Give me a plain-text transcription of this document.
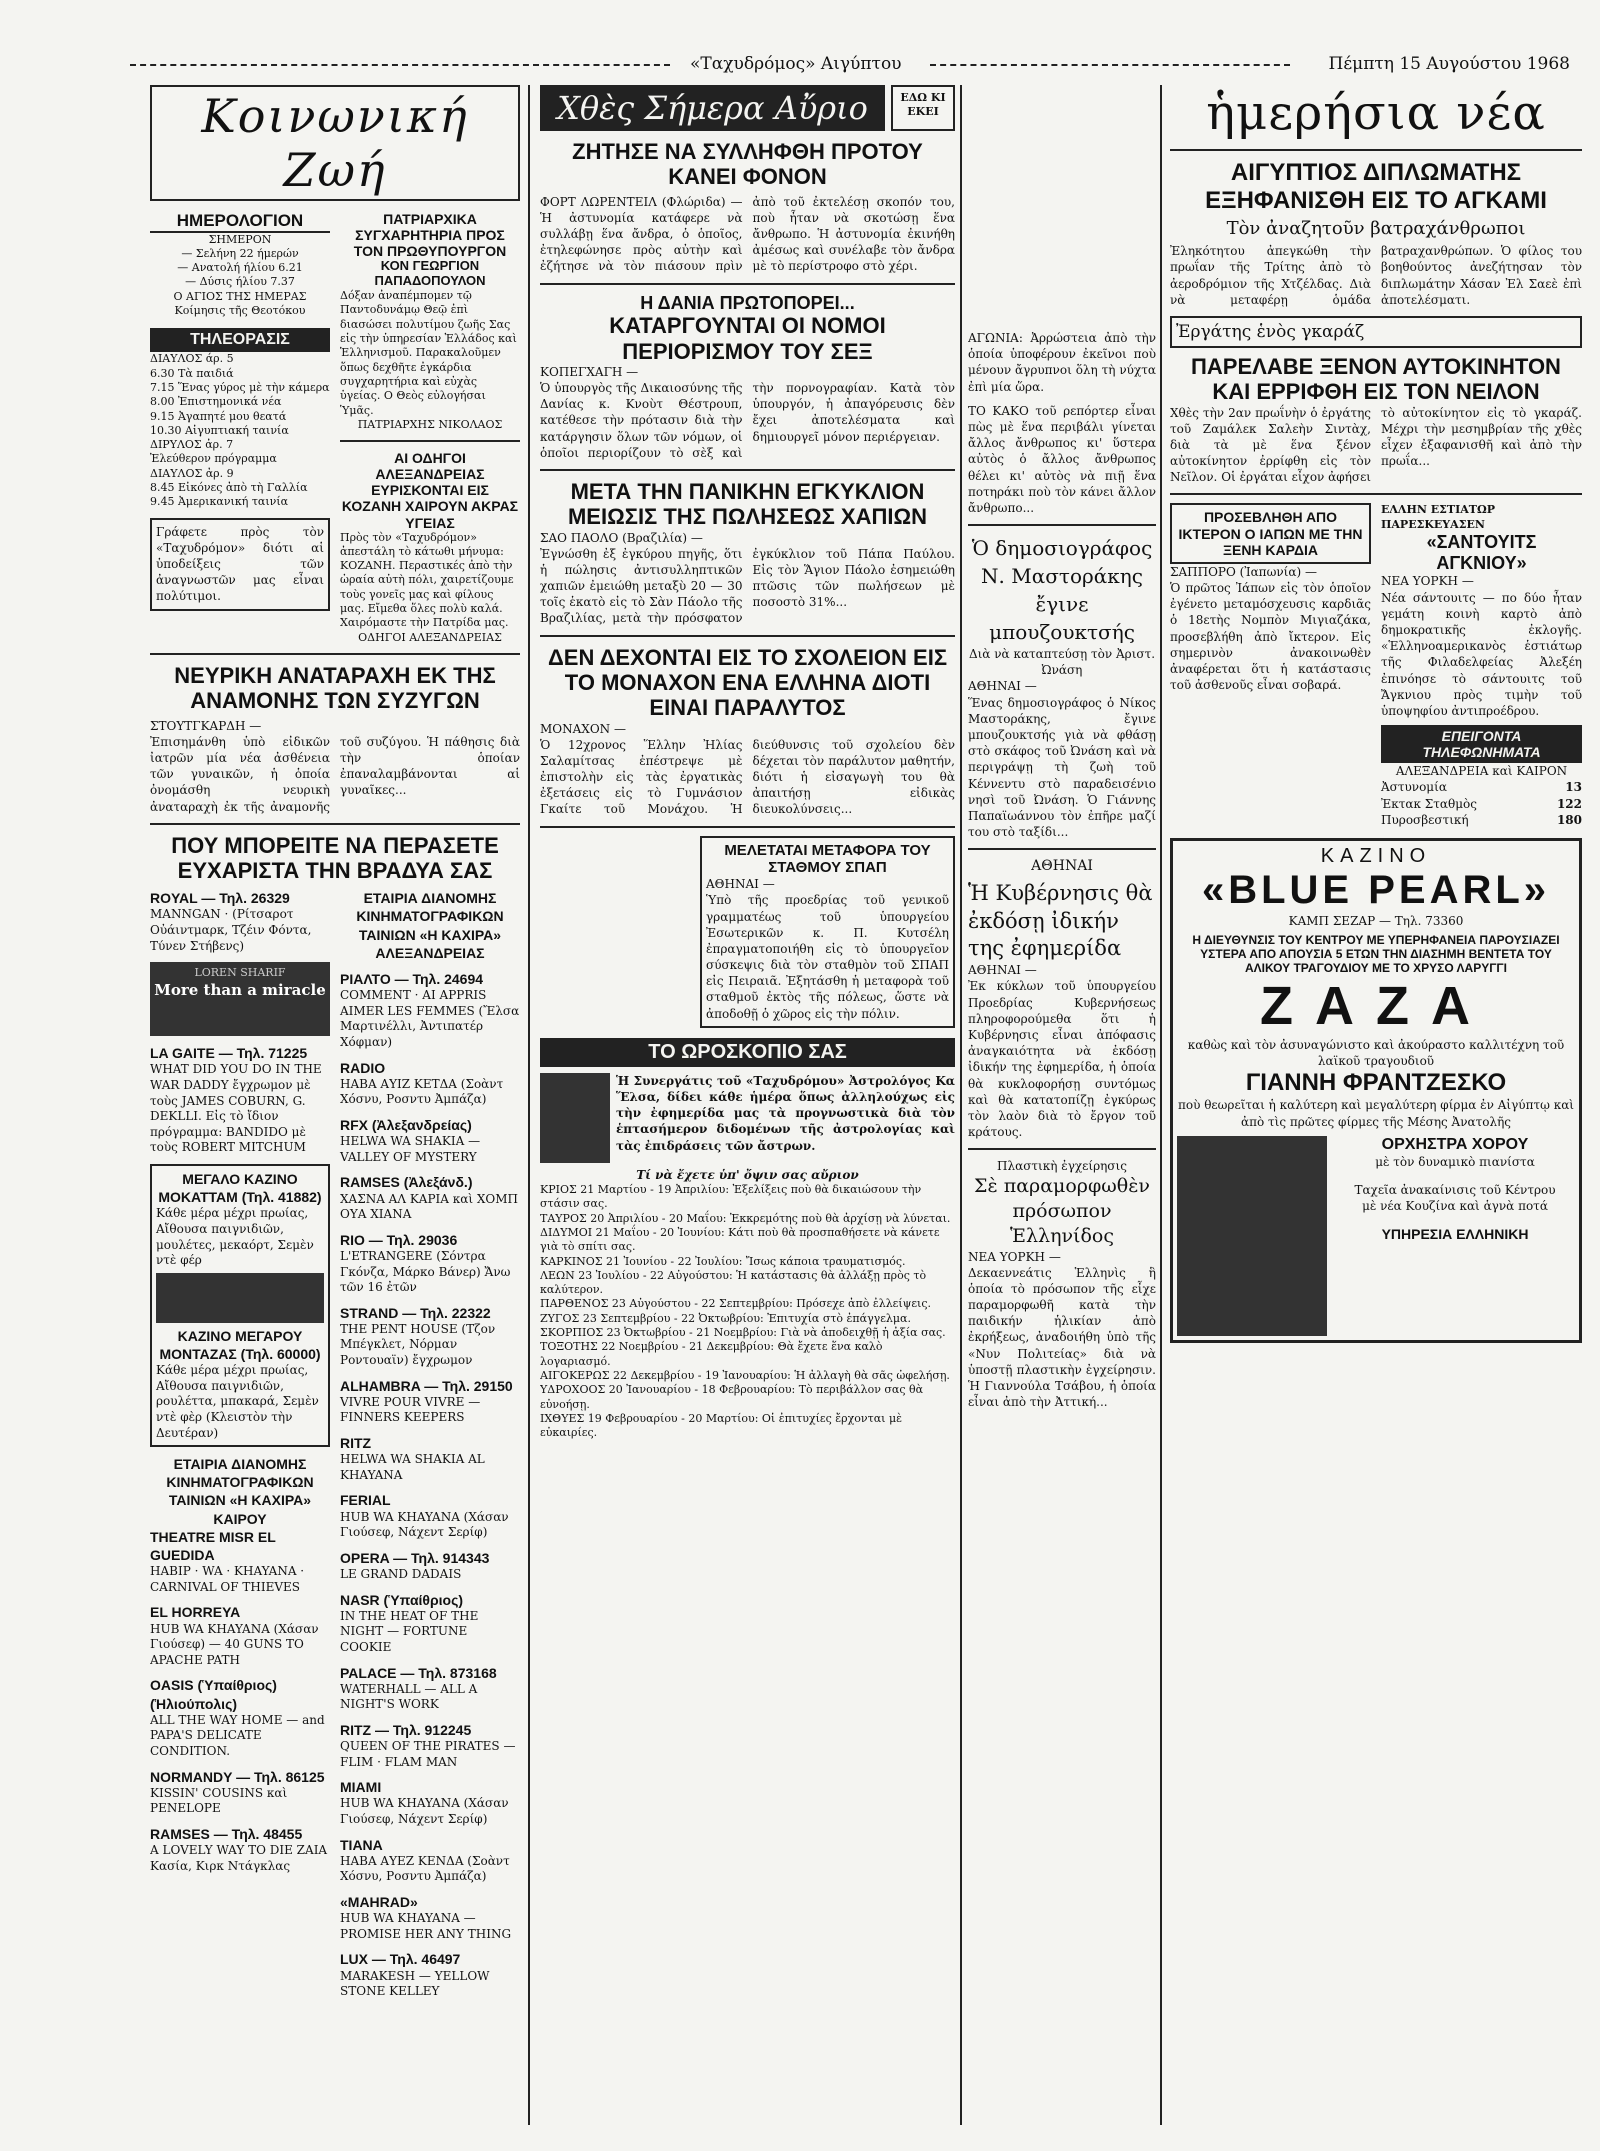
«Ταχυδρόμος» Αιγύπτου	Πέμπτη 15 Αυγούστου 1968
Κοινωνική Ζωή
ΗΜΕΡΟΛΟΓΙΟΝ
ΣΗΜΕΡΟΝ
— Σελήνη 22 ήμερών
— Ανατολή ήλίου 6.21
— Δύσις ήλίου 7.37
Ο ΑΓΙΟΣ ΤΗΣ ΗΜΕΡΑΣ
Κοίμησις τῆς Θεοτόκου
ΤΗΛΕΟΡΑΣΙΣ
ΔΙΑΥΛΟΣ άρ. 5
6.30 Τὰ παιδιά
7.15 Ἕνας γύρος μὲ τὴν κάμερα
8.00 Ἐπιστημονικά νέα
9.15 Ἀγαπητέ μου θεατά
10.30 Αἰγυπτιακή ταινία
ΔΙΡΥΛΟΣ ἀρ. 7
Ἐλεύθερον πρόγραμμα
ΔΙΑΥΛΟΣ ἀρ. 9
8.45 Εἰκόνες ἀπὸ τὴ Γαλλία
9.45 Ἀμερικανική ταινία
Γράφετε πρὸς τὸν «Ταχυδρόμον» διότι αἱ ὑποδείξεις τῶν ἀναγνωστῶν μας εἶναι πολύτιμοι.
ΠΑΤΡΙΑΡΧΙΚΑ ΣΥΓΧΑΡΗΤΗΡΙΑ ΠΡΟΣ ΤΟΝ ΠΡΩΘΥΠΟΥΡΓΟΝ
ΚΟΝ ΓΕΩΡΓΙΟΝ ΠΑΠΑΔΟΠΟΥΛΟΝ
Δόξαν ἀναπέμπομεν τῷ Παντοδυνάμῳ Θεῷ ἐπὶ διασώσει πολυτίμου ζωῆς Σας εἰς τὴν ὑπηρεσίαν Ἑλλάδος καὶ Ἑλληνισμοῦ. Παρακαλοῦμεν ὅπως δεχθῆτε ἐγκάρδια συγχαρητήρια καὶ εὐχὰς ὑγείας. Ο Θεὸς εὐλογήσαι Ὑμᾶς.
ΠΑΤΡΙΑΡΧΗΣ ΝΙΚΟΛΑΟΣ
ΑΙ ΟΔΗΓΟΙ ΑΛΕΞΑΝΔΡΕΙΑΣ ΕΥΡΙΣΚΟΝΤΑΙ ΕΙΣ ΚΟΖΑΝΗ ΧΑΙΡΟΥΝ ΑΚΡΑΣ ΥΓΕΙΑΣ
Πρὸς τὸν «Ταχυδρόμον» ἀπεστάλη τὸ κάτωθι μήνυμα: ΚΟΖΑΝΗ. Περαστικές ἀπὸ τὴν ὡραία αὐτὴ πόλι, χαιρετίζουμε τοὺς γονεῖς μας καὶ φίλους μας. Εἴμεθα ὅλες πολὺ καλά. Χαιρόμαστε τὴν Πατρίδα μας.
ΟΔΗΓΟΙ ΑΛΕΞΑΝΔΡΕΙΑΣ
ΝΕΥΡΙΚΗ ΑΝΑΤΑΡΑΧΗ ΕΚ ΤΗΣ ΑΝΑΜΟΝΗΣ ΤΩΝ ΣΥΖΥΓΩΝ
ΣΤΟΥΤΓΚΑΡΔΗ —
Ἐπισημάνθη ὑπὸ εἰδικῶν ἰατρῶν μία νέα ἀσθένεια τῶν γυναικῶν, ἡ ὁποία ὀνομάσθη νευρικὴ ἀναταραχὴ ἐκ τῆς ἀναμονῆς τοῦ συζύγου. Ἡ πάθησις διὰ τὴν ὁποίαν ἐπαναλαμβάνονται αἱ γυναῖκες...
ΠΟΥ ΜΠΟΡΕΙΤΕ ΝΑ ΠΕΡΑΣΕΤΕ ΕΥΧΑΡΙΣΤΑ ΤΗΝ ΒΡΑΔΥΑ ΣΑΣ
ROYAL — Τηλ. 26329
MANNGAN · (Ρίτσαροτ Οὐάιντμαρκ, Τζέιν Φόντα, Τύνεν Στήβενς)
LOREN SHARIF
More than a miracle
LA GAITE — Τηλ. 71225
WHAT DID YOU DO IN THE WAR DADDY ἔγχρωμον μὲ τοὺς JAMES COBURN, G. DEKLLI. Εἰς τὸ ἴδιον πρόγραμμα: BANDIDO μὲ τοὺς ROBERT MITCHUM
ΜΕΓΑΛΟ ΚΑΖΙΝΟ ΜΟΚΑΤΤΑΜ (Τηλ. 41882)
Κάθε μέρα μέχρι πρωίας, Αἴθουσα παιγνιδιῶν, μουλέτες, μεκαόρτ, Σεμὲν ντὲ φέρ
ΚΑΖΙΝΟ ΜΕΓΑΡΟΥ ΜΟΝΤΑΖΑΣ (Τηλ. 60000)
Κάθε μέρα μέχρι πρωίας, Αἴθουσα παιγνιδιῶν, ρουλέττα, μπακαρά, Σεμὲν ντὲ φὲρ (Κλειστὸν τὴν Δευτέραν)
ΕΤΑΙΡΙΑ ΔΙΑΝΟΜΗΣ ΚΙΝΗΜΑΤΟΓΡΑΦΙΚΩΝ ΤΑΙΝΙΩΝ «Η ΚΑΧΙΡΑ» ΚΑΙΡΟΥ
THEATRE MISR EL GUEDIDA
ΗΑΒΙΡ · WA · KHAYANA · CARNIVAL OF THIEVES
EL HORREYA
HUB WA KHAYANA (Χάσαν Γιούσεφ) — 40 GUNS TO APACHE PATH
OASIS (Ὑπαίθριος) (Ἡλιούπολις)
ALL THE WAY HOME — and PAPA'S DELICATE CONDITION.
NORMANDY — Τηλ. 86125
KISSIN' COUSINS καὶ PENELOPE
RAMSES — Τηλ. 48455
A LOVELY WAY TO DIE ΖΑΙΑ Κασία, Κιρκ Ντάγκλας
ΕΤΑΙΡΙΑ ΔΙΑΝΟΜΗΣ ΚΙΝΗΜΑΤΟΓΡΑΦΙΚΩΝ ΤΑΙΝΙΩΝ «Η ΚΑΧΙΡΑ» ΑΛΕΞΑΝΔΡΕΙΑΣ
ΡΙΑΛΤΟ — Τηλ. 24694
COMMENT · AI APPRIS AIMER LES FEMMES (Ἔλσα Μαρτινέλλι, Ἀντιπατέρ Χόφμαν)
RADIO
ΗΑΒΑ ΑΥΙΖ ΚΕΤΔΑ (Σοὰντ Χόσνυ, Ροσντυ Ἀμπάζα)
RFX (Ἀλεξανδρείας)
HELWA WA SHAKIA — VALLEY OF MYSTERY
RAMSES (Ἀλεξάνδ.)
ΧΑΣΝΑ ΑΛ ΚΑΡΙΑ καὶ ΧΟΜΠ ΟΥΑ ΧΙΑΝΑ
RIO — Τηλ. 29036
L'ETRANGERE (Σόντρα Γκόνζα, Μάρκο Βάνερ) Ἄνω τῶν 16 ἐτῶν
STRAND — Τηλ. 22322
THE PENT HOUSE (Τζον Μπέγκλετ, Νόρμαν Ροντουαϊν) ἔγχρωμον
ALHAMBRA — Τηλ. 29150
VIVRE POUR VIVRE — FINNERS KEEPERS
RITZ
HELWA WA SHAKIA AL KHAYANA
FERIAL
HUB WA KHAYANA (Χάσαν Γιούσεφ, Νάχεντ Σερίφ)
OPERA — Τηλ. 914343
LE GRAND DADAIS
NASR (Ὑπαίθριος)
IN THE HEAT OF THE NIGHT — FORTUNE COOKIE
PALACE — Τηλ. 873168
WATERHALL — ALL A NIGHT'S WORK
RITZ — Τηλ. 912245
QUEEN OF THE PIRATES — FLIM · FLAM MAN
MIAMI
HUB WA KHAYANA (Χάσαν Γιούσεφ, Νάχεντ Σερίφ)
TIANA
ΗΑΒΑ ΑΥΕΖ ΚΕΝΔΑ (Σοὰντ Χόσνυ, Ροσντυ Ἀμπάζα)
«MAHRAD»
HUB WA KHAYANA — PROMISE HER ANY THING
LUX — Τηλ. 46497
MARAKESH — YELLOW STONE KELLEY
Χθὲς Σήμερα Αὔριο	ΕΔΩ ΚΙ ΕΚΕΙ
ΖΗΤΗΣΕ ΝΑ ΣΥΛΛΗΦΘΗ ΠΡΟΤΟΥ ΚΑΝΕΙ ΦΟΝΟΝ
ΦΟΡΤ ΛΩΡΕΝΤΕΙΛ (Φλώριδα) — Ἡ ἀστυνομία κατάφερε νὰ συλλάβῃ ἕνα ἄνδρα, ὁ ὁποῖος, ἐτηλεφώνησε πρὸς αὐτὴν καὶ ἐζήτησε νὰ τὸν πιάσουν πρὶν ἀπὸ τοῦ ἐκτελέσῃ σκοπόν του, ποὺ ἦταν νὰ σκοτώσῃ ἕνα ἄνθρωπο. Ἡ ἀστυνομία ἐκινήθη ἀμέσως καὶ συνέλαβε τὸν ἄνδρα μὲ τὸ περίστροφο στὸ χέρι.
Η ΔΑΝΙΑ ΠΡΩΤΟΠΟΡΕΙ...
ΚΑΤΑΡΓΟΥΝΤΑΙ ΟΙ ΝΟΜΟΙ ΠΕΡΙΟΡΙΣΜΟΥ ΤΟΥ ΣΕΞ
ΚΟΠΕΓΧΑΓΗ —
Ὁ ὑπουργὸς τῆς Δικαιοσύνης τῆς Δανίας κ. Κνοὺτ Θέστρουπ, κατέθεσε τὴν πρότασιν διὰ τὴν κατάργησιν ὅλων τῶν νόμων, οἱ ὁποῖοι περιορίζουν τὸ σὲξ καὶ τὴν πορνογραφίαν. Κατὰ τὸν ὑπουργόν, ἡ ἀπαγόρευσις δὲν ἔχει ἀποτελέσματα καὶ δημιουργεῖ μόνον περιέργειαν.
ΜΕΤΑ ΤΗΝ ΠΑΝΙΚΗΝ ΕΓΚΥΚΛΙΟΝ ΜΕΙΩΣΙΣ ΤΗΣ ΠΩΛΗΣΕΩΣ ΧΑΠΙΩΝ
ΣΑΟ ΠΑΟΛΟ (Βραζιλία) —
Ἐγνώσθη ἐξ ἐγκύρου πηγῆς, ὅτι ἡ πώλησις ἀντισυλληπτικῶν χαπιῶν ἐμειώθη μεταξὺ 20 — 30 τοῖς ἑκατὸ εἰς τὸ Σὰν Πάολο τῆς Βραζιλίας, μετὰ τὴν πρόσφατον ἐγκύκλιον τοῦ Πάπα Παύλου. Εἰς τὸν Ἅγιον Πάολο ἐσημειώθη πτῶσις τῶν πωλήσεων μὲ ποσοστὸ 31%...
ΔΕΝ ΔΕΧΟΝΤΑΙ ΕΙΣ ΤΟ ΣΧΟΛΕΙΟΝ ΕΙΣ ΤΟ ΜΟΝΑΧΟΝ ΕΝΑ ΕΛΛΗΝΑ ΔΙΟΤΙ ΕΙΝΑΙ ΠΑΡΑΛΥΤΟΣ
ΜΟΝΑΧΟΝ —
Ὁ 12χρονος Ἕλλην Ἠλίας Σαλαμίτσας ἐπέστρεψε μὲ ἐπιστολὴν εἰς τὰς ἐργατικὰς ἐξετάσεις εἰς τὸ Γυμνάσιον Γκαίτε τοῦ Μονάχου. Ἡ διεύθυνσις τοῦ σχολείου δὲν δέχεται τὸν παράλυτον μαθητήν, διότι ἡ εἰσαγωγὴ του θὰ ἀπαιτήσῃ εἰδικὰς διευκολύνσεις...
ΜΕΛΕΤΑΤΑΙ ΜΕΤΑΦΟΡΑ ΤΟΥ ΣΤΑΘΜΟΥ ΣΠΑΠ
ΑΘΗΝΑΙ —
Ὑπὸ τῆς προεδρίας τοῦ γενικοῦ γραμματέως τοῦ ὑπουργείου Ἐσωτερικῶν κ. Π. Κυτσέλη ἐπραγματοποιήθη εἰς τὸ ὑπουργεῖον σύσκεψις διὰ τὸν σταθμὸν τοῦ ΣΠΑΠ εἰς Πειραιᾶ. Ἐξητάσθη ἡ μεταφορὰ τοῦ σταθμοῦ ἐκτὸς τῆς πόλεως, ὥστε νὰ ἀποδοθῇ ὁ χῶρος εἰς τὴν πόλιν.
ΤΟ ΩΡΟΣΚΟΠΙΟ ΣΑΣ
Ἡ Συνεργάτις τοῦ «Ταχυδρόμου» Ἀστρολόγος Κα Ἕλσα, δίδει κάθε ἡμέρα ὅπως ἀλληλούχως εἰς τὴν ἐφημερίδα μας τὰ προγνωστικὰ διὰ τὸν ἑπτασήμερον διδομένων τῆς ἀστρολογίας καὶ τὰς ἐπιδράσεις τῶν ἄστρων.
Τί νὰ ἔχετε ὑπ' ὄψιν σας αὔριον
ΚΡΙΟΣ 21 Μαρτίου - 19 Ἀπριλίου: Ἐξελίξεις ποὺ θὰ δικαιώσουν τὴν στάσιν σας.
ΤΑΥΡΟΣ 20 Ἀπριλίου - 20 Μαΐου: Ἐκκρεμότης ποὺ θὰ ἀρχίσῃ νὰ λύνεται.
ΔΙΔΥΜΟΙ 21 Μαΐου - 20 Ἰουνίου: Κάτι ποὺ θὰ προσπαθήσετε νὰ κάνετε γιὰ τὸ σπίτι σας.
ΚΑΡΚΙΝΟΣ 21 Ἰουνίου - 22 Ἰουλίου: Ἴσως κάποια τραυματισμός.
ΛΕΩΝ 23 Ἰουλίου - 22 Αὐγούστου: Ἡ κατάστασις θὰ ἀλλάξῃ πρὸς τὸ καλύτερον.
ΠΑΡΘΕΝΟΣ 23 Αὐγούστου - 22 Σεπτεμβρίου: Πρόσεχε ἀπὸ ἐλλείψεις.
ΖΥΓΟΣ 23 Σεπτεμβρίου - 22 Ὀκτωβρίου: Ἐπιτυχία στὸ ἐπάγγελμα.
ΣΚΟΡΠΙΟΣ 23 Ὀκτωβρίου - 21 Νοεμβρίου: Γιὰ νὰ ἀποδειχθῇ ἡ ἀξία σας.
ΤΟΞΟΤΗΣ 22 Νοεμβρίου - 21 Δεκεμβρίου: Θὰ ἔχετε ἕνα καλὸ λογαριασμό.
ΑΙΓΟΚΕΡΩΣ 22 Δεκεμβρίου - 19 Ἰανουαρίου: Ἡ ἀλλαγὴ θὰ σᾶς ὠφελήσῃ.
ΥΔΡΟΧΟΟΣ 20 Ἰανουαρίου - 18 Φεβρουαρίου: Τὸ περιβάλλον σας θὰ εὐνοήσῃ.
ΙΧΘΥΕΣ 19 Φεβρουαρίου - 20 Μαρτίου: Οἱ ἐπιτυχίες ἔρχονται μὲ εὐκαιρίες.
ΑΓΩΝΙΑ: Ἀρρώστεια ἀπὸ τὴν ὁποία ὑποφέρουν ἐκεῖνοι ποὺ μένουν ἄγρυπνοι ὅλη τὴ νύχτα ἐπὶ μία ὥρα.
ΤΟ ΚΑΚΟ τοῦ ρεπόρτερ εἶναι πὼς μὲ ἕνα περιβάλι γίνεται ἄλλος ἄνθρωπος κι' ὕστερα αὐτὸς ὁ ἄλλος ἄνθρωπος θέλει κι' αὐτὸς νὰ πιῇ ἕνα ποτηράκι ποὺ τὸν κάνει ἄλλον ἄνθρωπο...
Ὁ δημοσιογράφος Ν. Μαστοράκης ἔγινε μπουζουκτσής
Διὰ νὰ καταπτεύσῃ τὸν Ἀριστ. Ὠνάση
ΑΘΗΝΑΙ —
Ἕνας δημοσιογράφος ὁ Νίκος Μαστοράκης, ἔγινε μπουζουκτσής γιὰ νὰ φθάσῃ στὸ σκάφος τοῦ Ὠνάση καὶ νὰ περιγράψῃ τὴ ζωὴ τοῦ Κέννεντυ στὸ παραδεισένιο νησὶ τοῦ Ὠνάση. Ὁ Γιάννης Παπαϊωάννου τὸν ἐπῆρε μαζί του στὸ ταξίδι...
ΑΘΗΝΑΙ
Ἡ Κυβέρνησις θὰ ἐκδόσῃ ἰδικήν της ἐφημερίδα
ΑΘΗΝΑΙ —
Ἐκ κύκλων τοῦ ὑπουργείου Προεδρίας Κυβερνήσεως πληροφορούμεθα ὅτι ἡ Κυβέρνησις εἶναι ἀπόφασις ἀναγκαιότητα νὰ ἐκδόσῃ ἰδικήν της ἐφημερίδα, ἡ ὁποία θὰ κυκλοφορήσῃ συντόμως καὶ θὰ κατατοπίζῃ ἐγκύρως τὸν λαὸν διὰ τὸ ἔργον τοῦ κράτους.
Πλαστικὴ ἐγχείρησις
Σὲ παραμορφωθὲν πρόσωπον Ἑλληνίδος
ΝΕΑ ΥΟΡΚΗ —
Δεκαεννεάτις Ἑλληνὶς ἣ ὁποία τὸ πρόσωπον τῆς εἶχε παραμορφωθῆ κατὰ τὴν παιδικήν ἡλικίαν ἀπὸ ἐκρήξεως, ἀναδοιήθη ὑπὸ τῆς «Νυν Πολιτείας» διὰ νὰ ὑποστῇ πλαστικὴν ἐγχείρησιν. Ἡ Γιαννούλα Τσάβου, ἡ ὁποία εἶναι ἀπὸ τὴν Ἀττική...
ἡμερήσια νέα
ΑΙΓΥΠΤΙΟΣ ΔΙΠΛΩΜΑΤΗΣ ΕΞΗΦΑΝΙΣΘΗ ΕΙΣ ΤΟ ΑΓΚΑΜΙ
Τὸν ἀναζητοῦν βατραχάνθρωποι
Ἐληκότητου ἀπεγκώθη τὴν πρωΐαν τῆς Τρίτης ἀπὸ τὸ ἀεροδρόμιον τῆς Χτζέλδας. Διὰ νὰ μεταφέρῃ ὁμάδα βατραχανθρώπων. Ὁ φίλος του βοηθούντος ἀνεζήτησαν τὸν διπλωμάτην Χάσαν Ἐλ Σαεὲ ἐπὶ ἀποτελέσματι.
Ἐργάτης ἑνὸς γκαράζ
ΠΑΡΕΛΑΒΕ ΞΕΝΟΝ ΑΥΤΟΚΙΝΗΤΟΝ ΚΑΙ ΕΡΡΙΦΘΗ ΕΙΣ ΤΟΝ ΝΕΙΛΟΝ
Χθὲς τὴν 2αν πρωΐνὴν ὁ ἐργάτης τοῦ Ζαμάλεκ Σαλεὴν Σιντὰχ, διὰ τὰ μὲ ἕνα ξένον αὐτοκίνητον ἐρρίφθη εἰς τὸν Νεῖλον. Οἱ ἐργάται εἶχον ἀφήσει τὸ αὐτοκίνητον εἰς τὸ γκαράζ. Μέχρι τὴν μεσημβρίαν τῆς χθὲς εἶχεν ἐξαφανισθῆ καὶ ἀπὸ τὴν πρωΐα...
ΠΡΟΣΕΒΛΗΘΗ ΑΠΟ ΙΚΤΕΡΟΝ Ο ΙΑΠΩΝ ΜΕ ΤΗΝ ΞΕΝΗ ΚΑΡΔΙΑ
ΣΑΠΠΟΡΟ (Ἰαπωνία) —
Ὁ πρῶτος Ἰάπων εἰς τὸν ὁποῖον ἐγένετο μεταμόσχευσις καρδιᾶς ὁ 18ετὴς Νομπὸν Μιγιαζάκα, προσεβλήθη ἀπὸ ἴκτερον. Εἰς σημερινὸν ἀνακοινωθὲν ἀναφέρεται ὅτι ἡ κατάστασις τοῦ ἀσθενοῦς εἶναι σοβαρά.
ΕΛΛΗΝ ΕΣΤΙΑΤΩΡ ΠΑΡΕΣΚΕΥΑΣΕΝ
«ΣΑΝΤΟΥΙΤΣ ΑΓΚΝΙΟΥ»
ΝΕΑ ΥΟΡΚΗ —
Νέα σάντουιτς — πο δύο ἦταν γεμάτη κοινὴ καρτὸ ἀπὸ δημοκρατικῆς ἐκλογῆς. «Ἑλληνοαμερικανὸς ἑστιάτωρ τῆς Φιλαδελφείας Ἀλεξέη ἐπινόησε τὸ σάντουιτς τοῦ Ἄγκνιου πρὸς τιμὴν τοῦ ὑποψηφίου ἀντιπροέδρου.
ΕΠΕΙΓΟΝΤΑ ΤΗΛΕΦΩΝΗΜΑΤΑ
ΑΛΕΞΑΝΔΡΕΙΑ καὶ ΚΑΙΡΟΝ
Ἀστυνομία	13
Ἐκτακ Σταθμὸς	122
Πυροσβεστική	180
ΚΑΖΙΝΟ
«BLUE PEARL»
ΚΑΜΠ ΣΕΖΑΡ — Τηλ. 73360
Η ΔΙΕΥΘΥΝΣΙΣ ΤΟΥ ΚΕΝΤΡΟΥ ΜΕ ΥΠΕΡΗΦΑΝΕΙΑ ΠΑΡΟΥΣΙΑΖΕΙ ΥΣΤΕΡΑ ΑΠΟ ΑΠΟΥΣΙΑ 5 ΕΤΩΝ ΤΗΝ ΔΙΑΣΗΜΗ ΒΕΝΤΕΤΑ ΤΟΥ ΑΛΙΚΟΥ ΤΡΑΓΟΥΔΙΟΥ ΜΕ ΤΟ ΧΡΥΣΟ ΛΑΡΥΓΓΙ
ΖΑΖΑ
καθὼς καὶ τὸν ἀσυναγώνιστο καὶ ἀκούραστο καλλιτέχνη τοῦ λαϊκοῦ τραγουδιοῦ
ΓΙΑΝΝΗ ΦΡΑΝΤΖΕΣΚΟ
ποὺ θεωρεῖται ἡ καλύτερη καὶ μεγαλύτερη φίρμα ἐν Αἰγύπτῳ καὶ ἀπὸ τὶς πρῶτες φίρμες τῆς Μέσης Ἀνατολῆς
ΟΡΧΗΣΤΡΑ ΧΟΡΟΥ
μὲ τὸν δυναμικὸ πιανίστα
Ταχεῖα ἀνακαίνισις τοῦ Κέντρου
μὲ νέα Κουζίνα καὶ ἁγνὰ ποτά
ΥΠΗΡΕΣΙΑ ΕΛΛΗΝΙΚΗ
